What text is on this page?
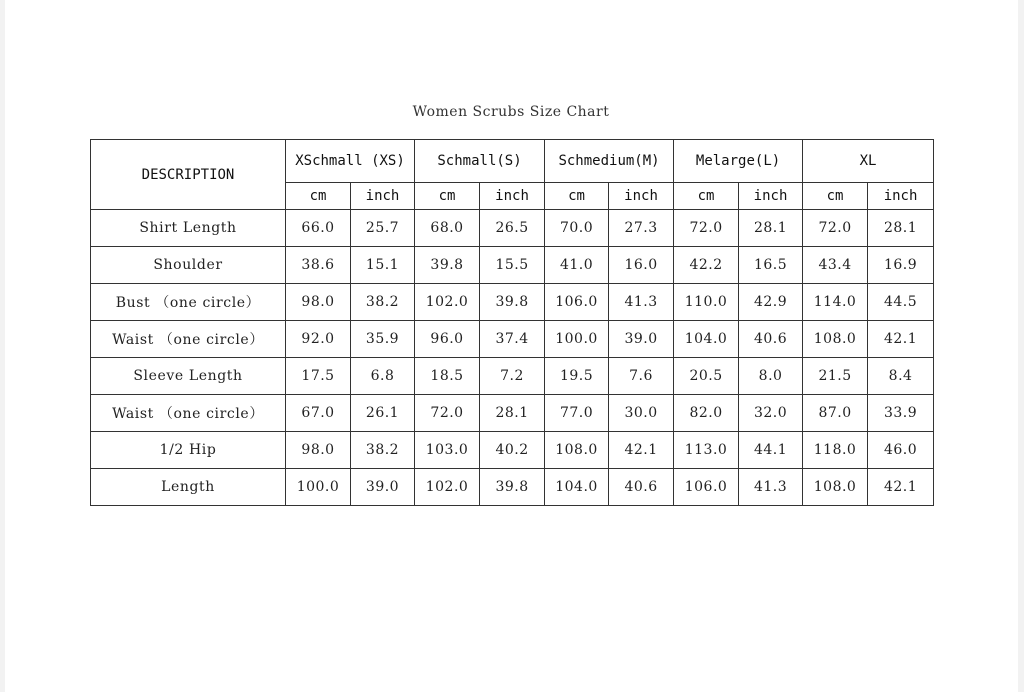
Women Scrubs Size Chart
DESCRIPTION	XSchmall (XS)		Schmall(S)		Schmedium(M)		Melarge(L)		XL	
	cm	inch	cm	inch	cm	inch	cm	inch	cm	inch
Shirt Length	66.0	25.7	68.0	26.5	70.0	27.3	72.0	28.1	72.0	28.1
Shoulder	38.6	15.1	39.8	15.5	41.0	16.0	42.2	16.5	43.4	16.9
Bust （one circle）	98.0	38.2	102.0	39.8	106.0	41.3	110.0	42.9	114.0	44.5
Waist （one circle）	92.0	35.9	96.0	37.4	100.0	39.0	104.0	40.6	108.0	42.1
Sleeve Length	17.5	6.8	18.5	7.2	19.5	7.6	20.5	8.0	21.5	8.4
Waist （one circle）	67.0	26.1	72.0	28.1	77.0	30.0	82.0	32.0	87.0	33.9
1/2 Hip	98.0	38.2	103.0	40.2	108.0	42.1	113.0	44.1	118.0	46.0
Length	100.0	39.0	102.0	39.8	104.0	40.6	106.0	41.3	108.0	42.1
